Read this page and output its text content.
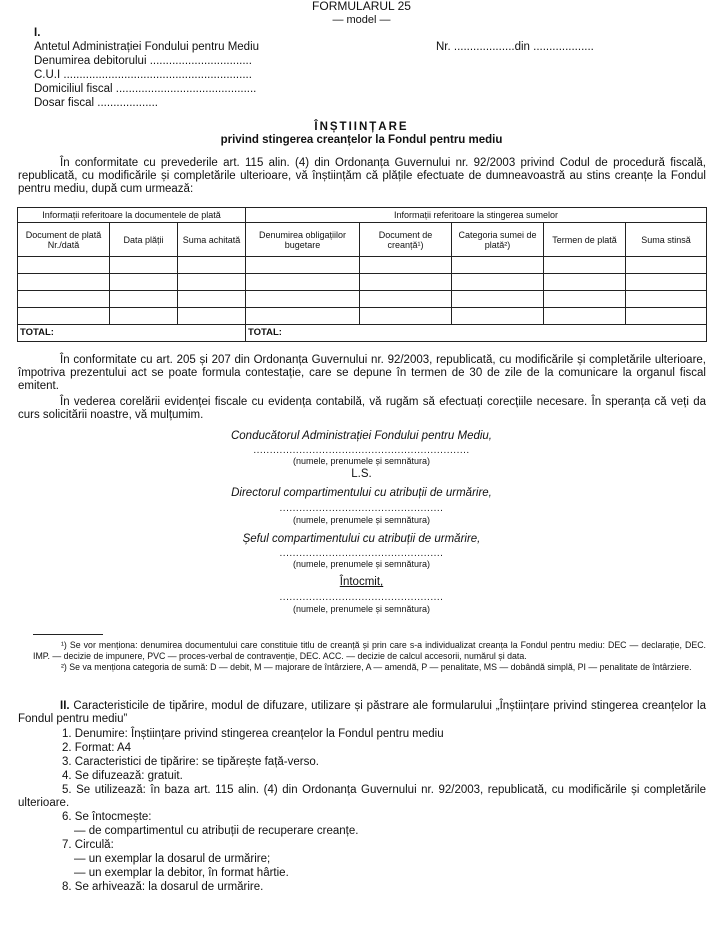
FORMULARUL 25
— model —
I.
Antetul Administrației Fondului pentru Mediu
Denumirea debitorului ................................
C.U.I ...........................................................
Domiciliul fiscal ............................................
Dosar fiscal ...................
Nr. ...................din ...................
ÎNȘTIINȚARE
privind stingerea creanțelor la Fondul pentru mediu
În conformitate cu prevederile art. 115 alin. (4) din Ordonanța Guvernului nr. 92/2003 privind Codul de procedură fiscală, republicată, cu modificările și completările ulterioare, vă înștiințăm că plățile efectuate de dumneavoastră au stins creanțe la Fondul pentru mediu, după cum urmează:
Informații referitoare la documentele de plată			Informații referitoare la stingerea sumelor				
Document de plată Nr./dată	Data plății	Suma achitată	Denumirea obligațiilor bugetare	Document de creanță¹)	Categoria sumei de plată²)	Termen de plată	Suma stinsă

TOTAL:			TOTAL:				
În conformitate cu art. 205 și 207 din Ordonanța Guvernului nr. 92/2003, republicată, cu modificările și completările ulterioare, împotriva prezentului act se poate formula contestație, care se depune în termen de 30 de zile de la comunicare la organul fiscal emitent.
În vederea corelării evidenței fiscale cu evidența contabilă, vă rugăm să efectuați corecțiile necesare. În speranța că veți da curs solicitării noastre, vă mulțumim.
Conducătorul Administrației Fondului pentru Mediu,
..................................................................
(numele, prenumele și semnătura)
L.S.
Directorul compartimentului cu atribuții de urmărire,
..................................................
(numele, prenumele și semnătura)
Șeful compartimentului cu atribuții de urmărire,
..................................................
(numele, prenumele și semnătura)
Întocmit,
..................................................
(numele, prenumele și semnătura)
¹) Se vor menționa: denumirea documentului care constituie titlu de creanță și prin care s-a individualizat creanța la Fondul pentru mediu: DEC — declarație, DEC. IMP. — decizie de impunere, PVC — proces-verbal de contravenție, DEC. ACC. — decizie de calcul accesorii, numărul și data.
²) Se va menționa categoria de sumă: D — debit, M — majorare de întârziere, A — amendă, P — penalitate, MS — dobândă simplă, PI — penalitate de întârziere.
II. Caracteristicile de tipărire, modul de difuzare, utilizare și păstrare ale formularului „Înștiințare privind stingerea creanțelor la Fondul pentru mediu”
1. Denumire: Înștiințare privind stingerea creanțelor la Fondul pentru mediu
2. Format: A4
3. Caracteristici de tipărire: se tipărește față-verso.
4. Se difuzează: gratuit.
5. Se utilizează: în baza art. 115 alin. (4) din Ordonanța Guvernului nr. 92/2003, republicată, cu modificările și completările ulterioare.
6. Se întocmește:
— de compartimentul cu atribuții de recuperare creanțe.
7. Circulă:
— un exemplar la dosarul de urmărire;
— un exemplar la debitor, în format hârtie.
8. Se arhivează: la dosarul de urmărire.
